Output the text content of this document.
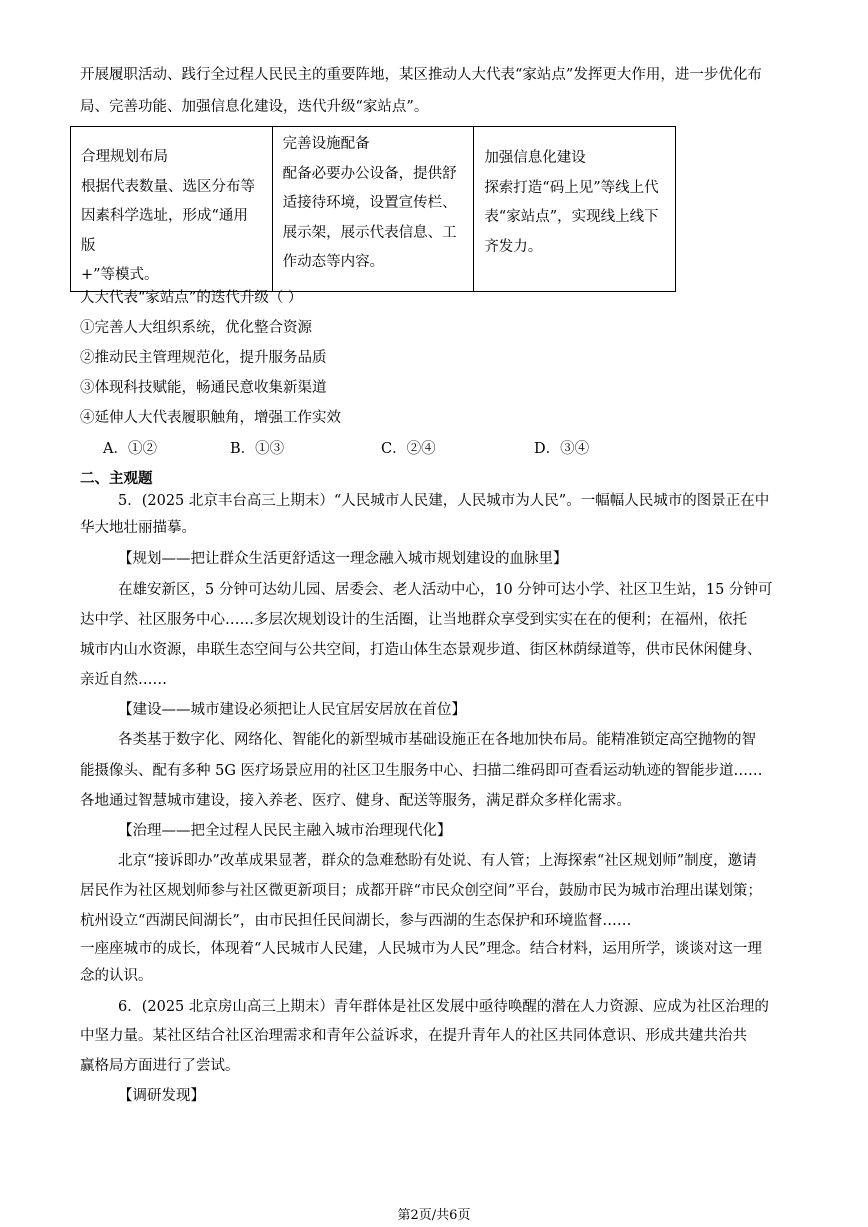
开展履职活动、践行全过程人民民主的重要阵地，某区推动人大代表“家站点”发挥更大作用，进一步优化布
局、完善功能、加强信息化建设，迭代升级“家站点”。
合理规划布局
根据代表数量、选区分布等
因素科学选址，形成“通用版
+”等模式。

完善设施配备
配备必要办公设备，提供舒
适接待环境，设置宣传栏、
展示架，展示代表信息、工
作动态等内容。

加强信息化建设
探索打造“码上见”等线上代
表“家站点”，实现线上线下
齐发力。
人大代表“家站点”的迭代升级（ ）
①完善人大组织系统，优化整合资源
②推动民主管理规范化，提升服务品质
③体现科技赋能，畅通民意收集新渠道
④延伸人大代表履职触角，增强工作实效
A．①②	B．①③	C．②④	D．③④
二、主观题
5．(2025 北京丰台高三上期末）“人民城市人民建，人民城市为人民”。一幅幅人民城市的图景正在中
华大地壮丽描摹。
【规划——把让群众生活更舒适这一理念融入城市规划建设的血脉里】
在雄安新区，5 分钟可达幼儿园、居委会、老人活动中心，10 分钟可达小学、社区卫生站，15 分钟可
达中学、社区服务中心……多层次规划设计的生活圈，让当地群众享受到实实在在的便利；在福州，依托
城市内山水资源，串联生态空间与公共空间，打造山体生态景观步道、街区林荫绿道等，供市民休闲健身、
亲近自然……
【建设——城市建设必须把让人民宜居安居放在首位】
各类基于数字化、网络化、智能化的新型城市基础设施正在各地加快布局。能精准锁定高空抛物的智
能摄像头、配有多种 5G 医疗场景应用的社区卫生服务中心、扫描二维码即可查看运动轨迹的智能步道……
各地通过智慧城市建设，接入养老、医疗、健身、配送等服务，满足群众多样化需求。
【治理——把全过程人民民主融入城市治理现代化】
北京“接诉即办”改革成果显著，群众的急难愁盼有处说、有人管；上海探索“社区规划师”制度，邀请
居民作为社区规划师参与社区微更新项目；成都开辟“市民众创空间”平台，鼓励市民为城市治理出谋划策；
杭州设立“西湖民间湖长”，由市民担任民间湖长，参与西湖的生态保护和环境监督……
一座座城市的成长，体现着“人民城市人民建，人民城市为人民”理念。结合材料，运用所学，谈谈对这一理
念的认识。
6．(2025 北京房山高三上期末）青年群体是社区发展中亟待唤醒的潜在人力资源、应成为社区治理的
中坚力量。某社区结合社区治理需求和青年公益诉求，在提升青年人的社区共同体意识、形成共建共治共
赢格局方面进行了尝试。
【调研发现】
第2页/共6页
